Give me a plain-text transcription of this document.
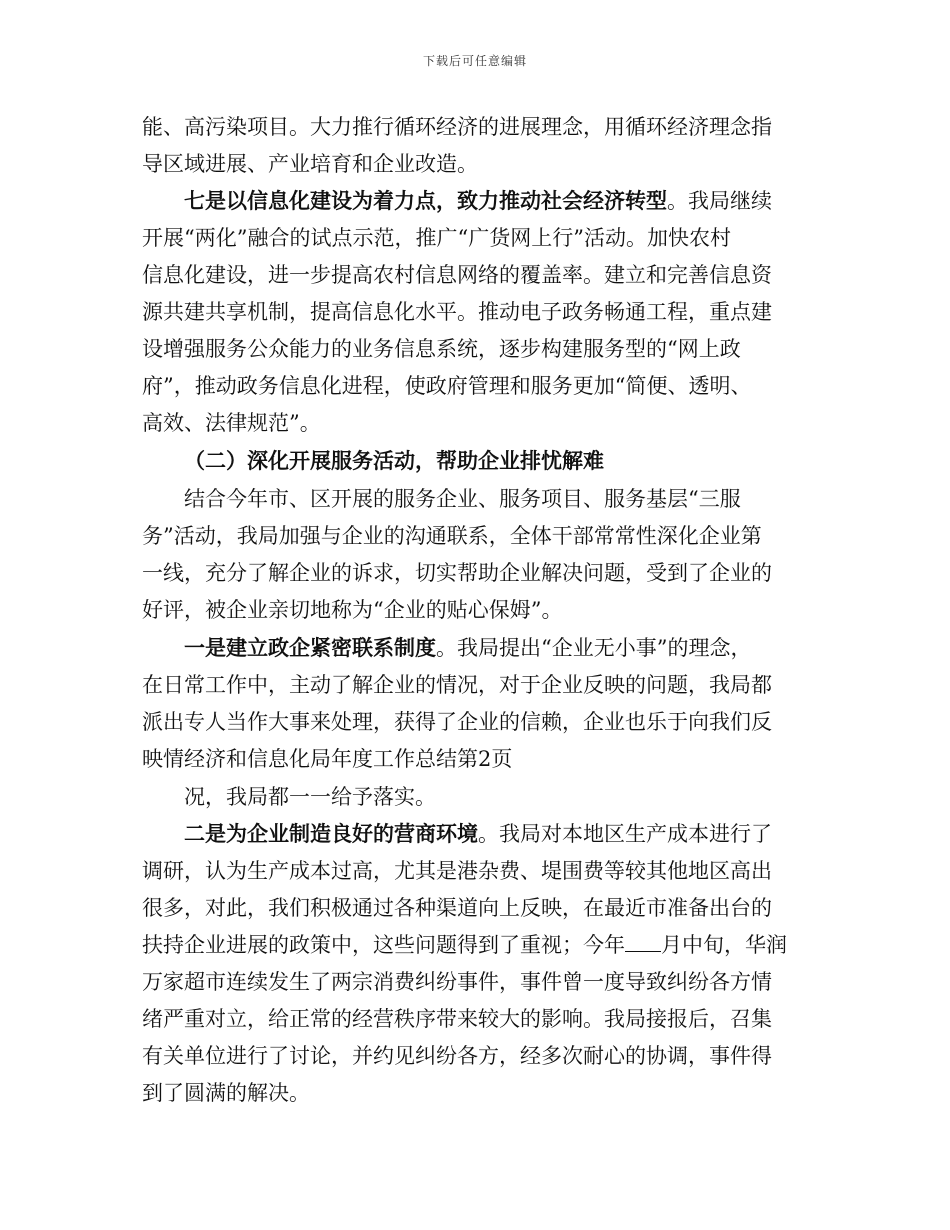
下载后可任意编辑
能、高污染项目。大力推行循环经济的进展理念，用循环经济理念指
导区域进展、产业培育和企业改造。
七是以信息化建设为着力点，致力推动社会经济转型。我局继续
开展“两化”融合的试点示范，推广“广货网上行”活动。加快农村
信息化建设，进一步提高农村信息网络的覆盖率。建立和完善信息资
源共建共享机制，提高信息化水平。推动电子政务畅通工程，重点建
设增强服务公众能力的业务信息系统，逐步构建服务型的“网上政
府”，推动政务信息化进程，使政府管理和服务更加“简便、透明、
高效、法律规范”。
（二）深化开展服务活动，帮助企业排忧解难
结合今年市、区开展的服务企业、服务项目、服务基层“三服
务”活动，我局加强与企业的沟通联系，全体干部常常性深化企业第
一线，充分了解企业的诉求，切实帮助企业解决问题，受到了企业的
好评，被企业亲切地称为“企业的贴心保姆”。
一是建立政企紧密联系制度。我局提出“企业无小事”的理念，
在日常工作中，主动了解企业的情况，对于企业反映的问题，我局都
派出专人当作大事来处理，获得了企业的信赖，企业也乐于向我们反
映情经济和信息化局年度工作总结第2页
况，我局都一一给予落实。
二是为企业制造良好的营商环境。我局对本地区生产成本进行了
调研，认为生产成本过高，尤其是港杂费、堤围费等较其他地区高出
很多，对此，我们积极通过各种渠道向上反映，在最近市准备出台的
扶持企业进展的政策中，这些问题得到了重视；今年 月中旬，华润
万家超市连续发生了两宗消费纠纷事件，事件曾一度导致纠纷各方情
绪严重对立，给正常的经营秩序带来较大的影响。我局接报后，召集
有关单位进行了讨论，并约见纠纷各方，经多次耐心的协调，事件得
到了圆满的解决。
